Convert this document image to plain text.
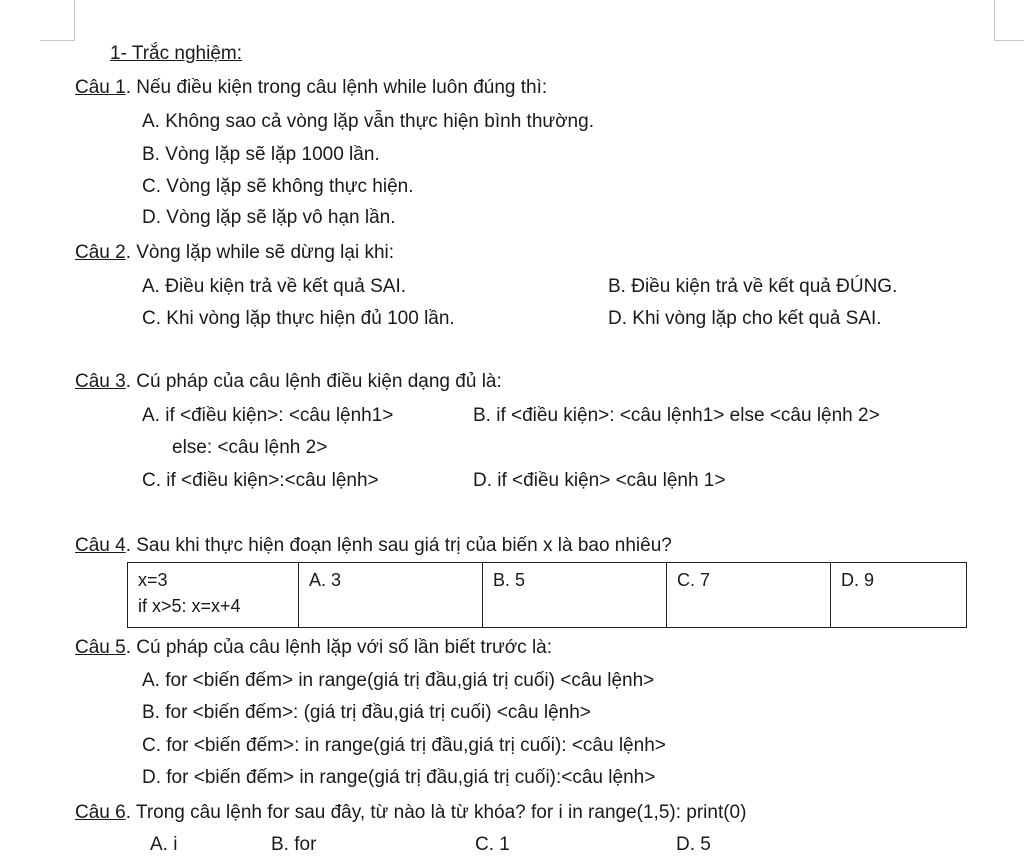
1- Trắc nghiệm:
Câu 1. Nếu điều kiện trong câu lệnh while luôn đúng thì:
A. Không sao cả vòng lặp vẫn thực hiện bình thường.
B. Vòng lặp sẽ lặp 1000 lần.
C. Vòng lặp sẽ không thực hiện.
D. Vòng lặp sẽ lặp vô hạn lần.
Câu 2. Vòng lặp while sẽ dừng lại khi:
A. Điều kiện trả về kết quả SAI.	B. Điều kiện trả về kết quả ĐÚNG.
C. Khi vòng lặp thực hiện đủ 100 lần.	D. Khi vòng lặp cho kết quả SAI.
Câu 3. Cú pháp của câu lệnh điều kiện dạng đủ là:
A. if <điều kiện>: <câu lệnh1>	B. if <điều kiện>: <câu lệnh1> else <câu lệnh 2>
else: <câu lệnh 2>
C. if <điều kiện>:<câu lệnh>	D. if <điều kiện> <câu lệnh 1>
Câu 4. Sau khi thực hiện đoạn lệnh sau giá trị của biến x là bao nhiêu?
x=3
if x>5: x=x+4
	A. 3	B. 5	C. 7	D. 9
Câu 5. Cú pháp của câu lệnh lặp với số lần biết trước là:
A. for <biến đếm> in range(giá trị đầu,giá trị cuối) <câu lệnh>
B. for <biến đếm>: (giá trị đầu,giá trị cuối) <câu lệnh>
C. for <biến đếm>: in range(giá trị đầu,giá trị cuối): <câu lệnh>
D. for <biến đếm> in range(giá trị đầu,giá trị cuối):<câu lệnh>
Câu 6. Trong câu lệnh for sau đây, từ nào là từ khóa? for i in range(1,5): print(0)
A. i	B. for	C. 1	D. 5
